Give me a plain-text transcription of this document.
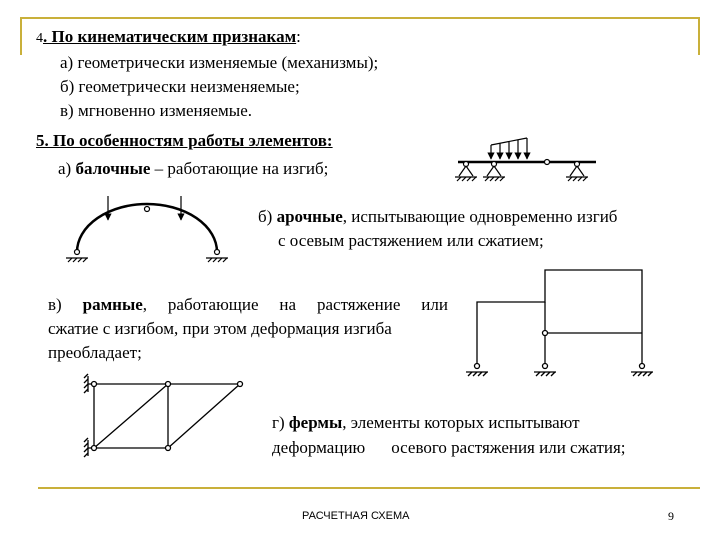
4. По кинематическим признакам:
а) геометрически изменяемые (механизмы);
б) геометрически неизменяемые;
в) мгновенно изменяемые.
5. По особенностям работы элементов:
а) балочные – работающие на изгиб;
б) арочные, испытывающие одновременно изгиб
с осевым растяжением или сжатием;
в) рамные, работающие на растяжение или
сжатие с изгибом, при этом деформация изгиба
преобладает;
г) фермы, элементы которых испытывают
деформацию осевого растяжения или сжатия;
РАСЧЕТНАЯ СХЕМА	9
